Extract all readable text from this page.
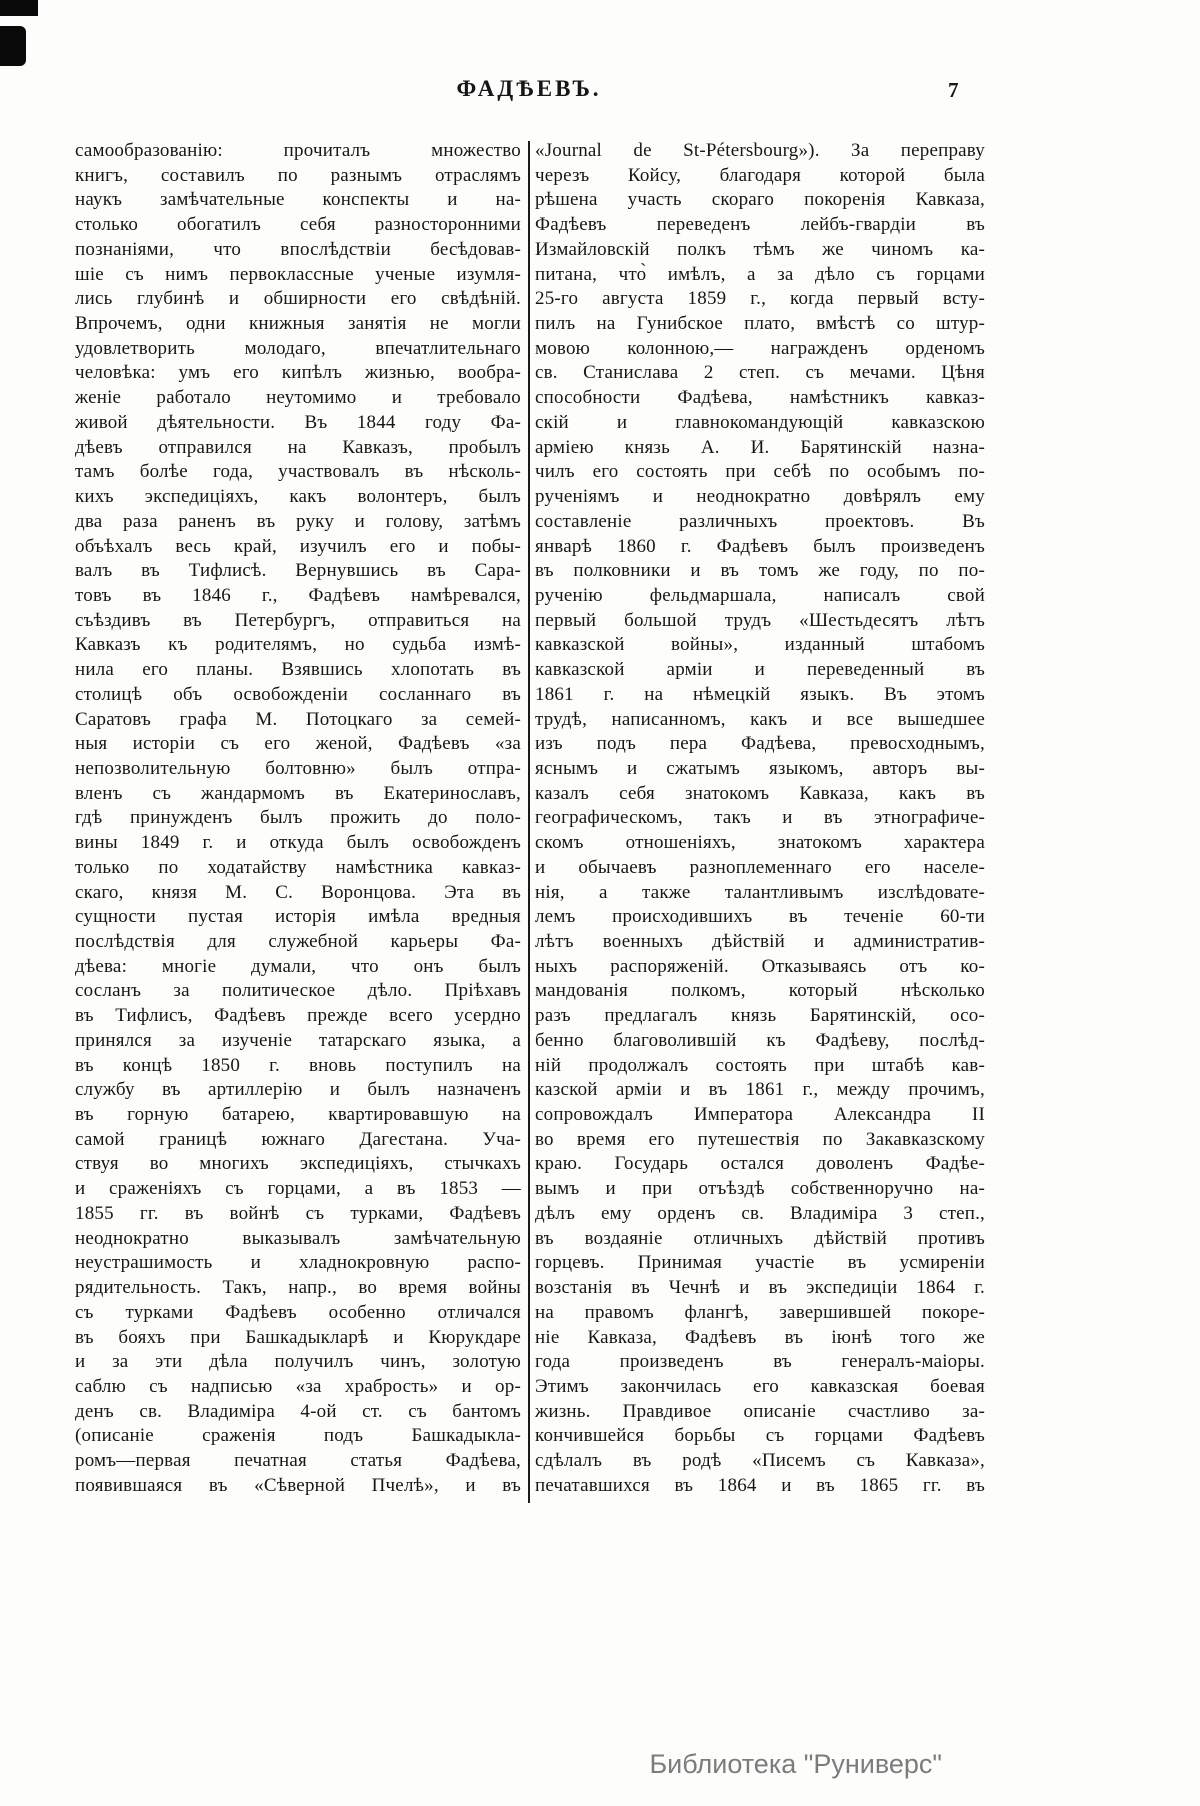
ФАДѢЕВЪ.	7
самообразованію: прочиталъ множество
книгъ, составилъ по разнымъ отраслямъ
наукъ замѣчательные конспекты и на-
столько обогатилъ себя разносторонними
познаніями, что впослѣдствіи бесѣдовав-
шіе съ нимъ первоклассные ученые изумля-
лись глубинѣ и обширности его свѣдѣній.
Впрочемъ, одни книжныя занятія не могли
удовлетворить молодаго, впечатлительнаго
человѣка: умъ его кипѣлъ жизнью, вообра-
женіе работало неутомимо и требовало
живой дѣятельности. Въ 1844 году Фа-
дѣевъ отправился на Кавказъ, пробылъ
тамъ болѣе года, участвовалъ въ нѣсколь-
кихъ экспедиціяхъ, какъ волонтеръ, былъ
два раза раненъ въ руку и голову, затѣмъ
объѣхалъ весь край, изучилъ его и побы-
валъ въ Тифлисѣ. Вернувшись въ Сара-
товъ въ 1846 г., Фадѣевъ намѣревался,
съѣздивъ въ Петербургъ, отправиться на
Кавказъ къ родителямъ, но судьба измѣ-
нила его планы. Взявшись хлопотать въ
столицѣ объ освобожденіи сосланнаго въ
Саратовъ графа М. Потоцкаго за семей-
ныя исторіи съ его женой, Фадѣевъ «за
непозволительную болтовню» былъ отпра-
вленъ съ жандармомъ въ Екатеринославъ,
гдѣ принужденъ былъ прожить до поло-
вины 1849 г. и откуда былъ освобожденъ
только по ходатайству намѣстника кавказ-
скаго, князя М. С. Воронцова. Эта въ
сущности пустая исторія имѣла вредныя
послѣдствія для служебной карьеры Фа-
дѣева: многіе думали, что онъ былъ
сосланъ за политическое дѣло. Пріѣхавъ
въ Тифлисъ, Фадѣевъ прежде всего усердно
принялся за изученіе татарскаго языка, а
въ концѣ 1850 г. вновь поступилъ на
службу въ артиллерію и былъ назначенъ
въ горную батарею, квартировавшую на
самой границѣ южнаго Дагестана. Уча-
ствуя во многихъ экспедиціяхъ, стычкахъ
и сраженіяхъ съ горцами, а въ 1853 —
1855 гг. въ войнѣ съ турками, Фадѣевъ
неоднократно выказывалъ замѣчательную
неустрашимость и хладнокровную распо-
рядительность. Такъ, напр., во время войны
съ турками Фадѣевъ особенно отличался
въ бояхъ при Башкадыкларѣ и Кюрукдаре
и за эти дѣла получилъ чинъ, золотую
саблю съ надписью «за храбрость» и ор-
денъ св. Владиміра 4-ой ст. съ бантомъ
(описаніе сраженія подъ Башкадыкла-
ромъ—первая печатная статья Фадѣева,
появившаяся въ «Сѣверной Пчелѣ», и въ
«Journal de St-Pétersbourg»). За переправу
черезъ Койсу, благодаря которой была
рѣшена участь скораго покоренія Кавказа,
Фадѣевъ переведенъ лейбъ-гвардіи въ
Измайловскій полкъ тѣмъ же чиномъ ка-
питана, что̀ имѣлъ, а за дѣло съ горцами
25-го августа 1859 г., когда первый всту-
пилъ на Гунибское плато, вмѣстѣ со штур-
мовою колонною,— награжденъ орденомъ
св. Станислава 2 степ. съ мечами. Цѣня
способности Фадѣева, намѣстникъ кавказ-
скій и главнокомандующій кавказскою
арміею князь А. И. Барятинскій назна-
чилъ его состоять при себѣ по особымъ по-
рученіямъ и неоднократно довѣрялъ ему
составленіе различныхъ проектовъ. Въ
январѣ 1860 г. Фадѣевъ былъ произведенъ
въ полковники и въ томъ же году, по по-
рученію фельдмаршала, написалъ свой
первый большой трудъ «Шестьдесятъ лѣтъ
кавказской войны», изданный штабомъ
кавказской арміи и переведенный въ
1861 г. на нѣмецкій языкъ. Въ этомъ
трудѣ, написанномъ, какъ и все вышедшее
изъ подъ пера Фадѣева, превосходнымъ,
яснымъ и сжатымъ языкомъ, авторъ вы-
казалъ себя знатокомъ Кавказа, какъ въ
географическомъ, такъ и въ этнографиче-
скомъ отношеніяхъ, знатокомъ характера
и обычаевъ разноплеменнаго его населе-
нія, а также талантливымъ изслѣдовате-
лемъ происходившихъ въ теченіе 60-ти
лѣтъ военныхъ дѣйствій и административ-
ныхъ распоряженій. Отказываясь отъ ко-
мандованія полкомъ, который нѣсколько
разъ предлагалъ князь Барятинскій, осо-
бенно благоволившій къ Фадѣеву, послѣд-
ній продолжалъ состоять при штабѣ кав-
казской арміи и въ 1861 г., между прочимъ,
сопровождалъ Императора Александра II
во время его путешествія по Закавказскому
краю. Государь остался доволенъ Фадѣе-
вымъ и при отъѣздѣ собственноручно на-
дѣлъ ему орденъ св. Владиміра 3 степ.,
въ воздаяніе отличныхъ дѣйствій противъ
горцевъ. Принимая участіе въ усмиреніи
возстанія въ Чечнѣ и въ экспедиціи 1864 г.
на правомъ флангѣ, завершившей покоре-
ніе Кавказа, Фадѣевъ въ іюнѣ того же
года произведенъ въ генералъ-маіоры.
Этимъ закончилась его кавказская боевая
жизнь. Правдивое описаніе счастливо за-
кончившейся борьбы съ горцами Фадѣевъ
сдѣлалъ въ родѣ «Писемъ съ Кавказа»,
печатавшихся въ 1864 и въ 1865 гг. въ
Библиотека "Руниверс"
